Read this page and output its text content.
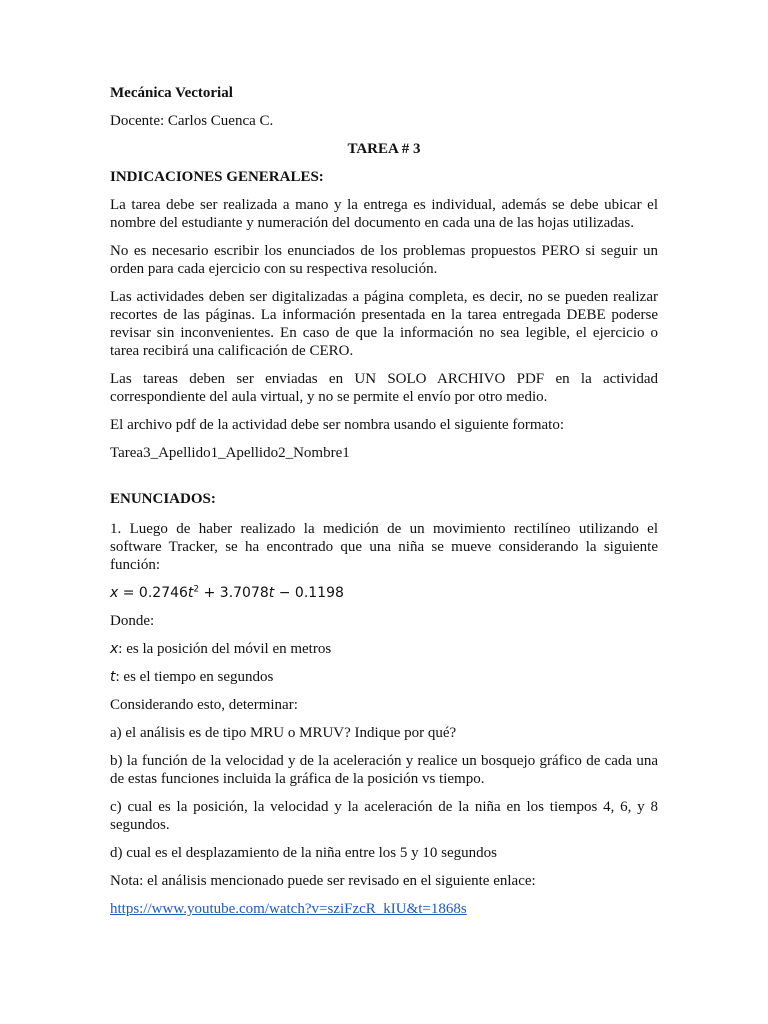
Mecánica Vectorial

Docente: Carlos Cuenca C.

TAREA # 3

INDICACIONES GENERALES:

La tarea debe ser realizada a mano y la entrega es individual, además se debe ubicar el nombre del estudiante y numeración del documento en cada una de las hojas utilizadas.

No es necesario escribir los enunciados de los problemas propuestos PERO si seguir un orden para cada ejercicio con su respectiva resolución.

Las actividades deben ser digitalizadas a página completa, es decir, no se pueden realizar recortes de las páginas. La información presentada en la tarea entregada DEBE poderse revisar sin inconvenientes. En caso de que la información no sea legible, el ejercicio o tarea recibirá una calificación de CERO.

Las tareas deben ser enviadas en UN SOLO ARCHIVO PDF en la actividad correspondiente del aula virtual, y no se permite el envío por otro medio.

El archivo pdf de la actividad debe ser nombra usando el siguiente formato:

Tarea3_Apellido1_Apellido2_Nombre1

ENUNCIADOS:

1. Luego de haber realizado la medición de un movimiento rectilíneo utilizando el software Tracker, se ha encontrado que una niña se mueve considerando la siguiente función:

$x = 0.2746t^2 + 3.7078t - 0.1198$

Donde:

x: es la posición del móvil en metros

t: es el tiempo en segundos

Considerando esto, determinar:

a) el análisis es de tipo MRU o MRUV? Indique por qué?

b) la función de la velocidad y de la aceleración y realice un bosquejo gráfico de cada una de estas funciones incluida la gráfica de la posición vs tiempo.

c) cual es la posición, la velocidad y la aceleración de la niña en los tiempos 4, 6, y 8 segundos.

d) cual es el desplazamiento de la niña entre los 5 y 10 segundos

Nota: el análisis mencionado puede ser revisado en el siguiente enlace:

https://www.youtube.com/watch?v=sziFzcR_kIU&t=1868s
